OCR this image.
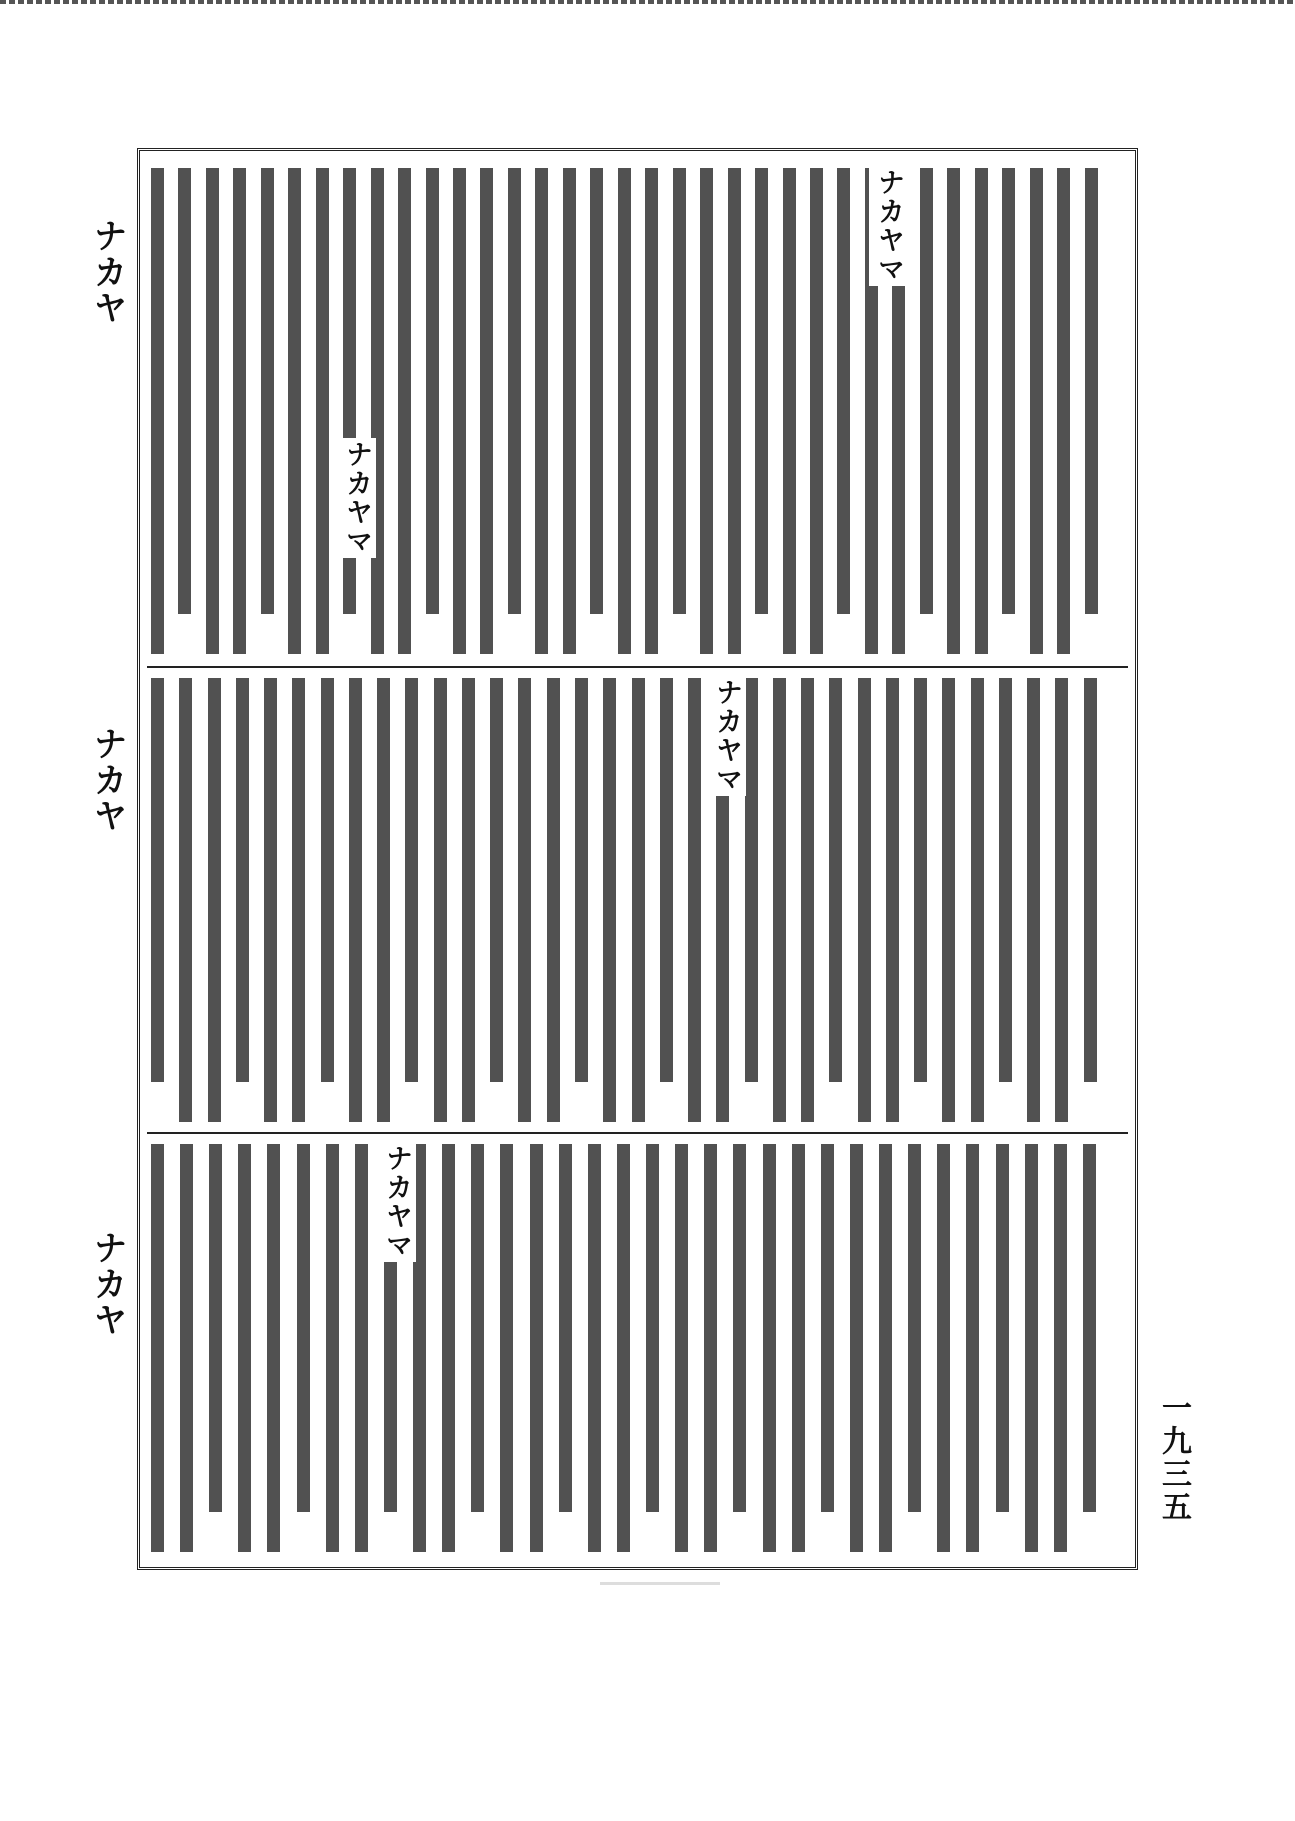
ナカヤ
ナカヤ
ナカヤ
一九三五
ナカヤマ
ナカヤマ
ナカヤマ
ナカヤマ
